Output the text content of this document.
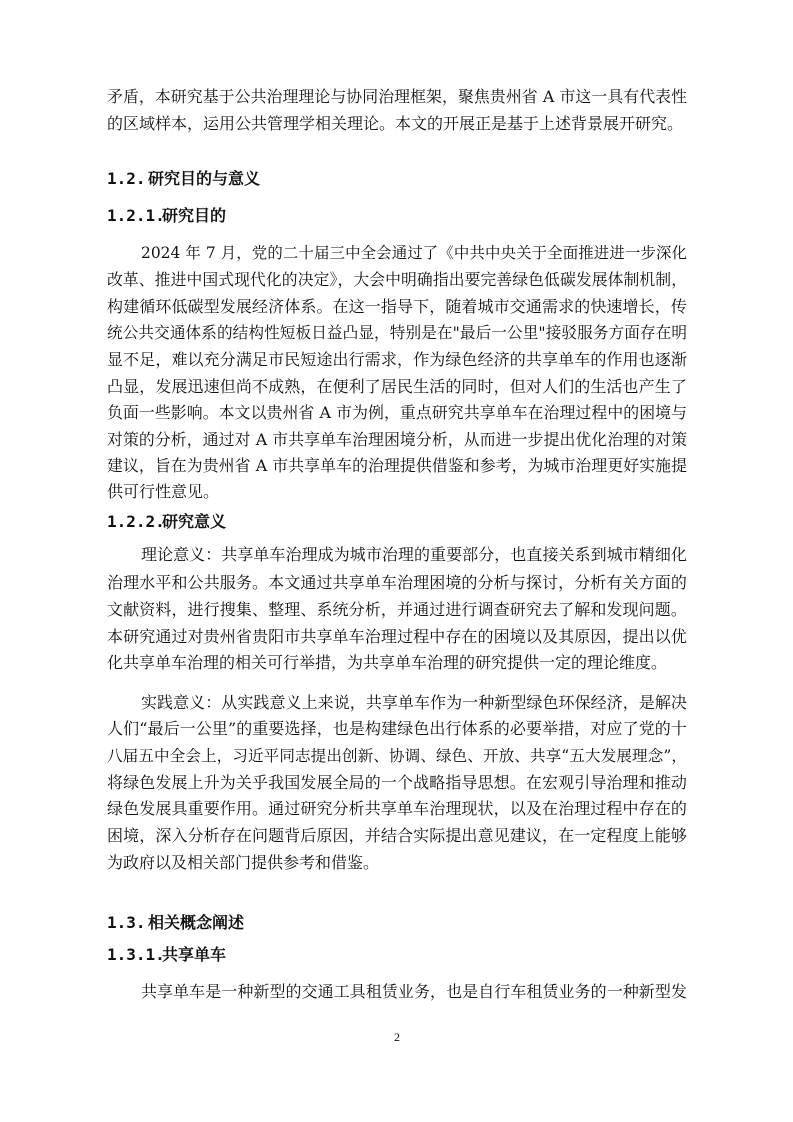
矛盾，本研究基于公共治理理论与协同治理框架，聚焦贵州省 A 市这一具有代表性
的区域样本，运用公共管理学相关理论。本文的开展正是基于上述背景展开研究。
1.2. 研究目的与意义
1.2.1.研究目的
2024 年 7 月，党的二十届三中全会通过了《中共中央关于全面推进进一步深化
改革、推进中国式现代化的决定》，大会中明确指出要完善绿色低碳发展体制机制，
构建循环低碳型发展经济体系。在这一指导下，随着城市交通需求的快速增长，传
统公共交通体系的结构性短板日益凸显，特别是在"最后一公里"接驳服务方面存在明
显不足，难以充分满足市民短途出行需求，作为绿色经济的共享单车的作用也逐渐
凸显，发展迅速但尚不成熟，在便利了居民生活的同时，但对人们的生活也产生了
负面一些影响。本文以贵州省 A 市为例，重点研究共享单车在治理过程中的困境与
对策的分析，通过对 A 市共享单车治理困境分析，从而进一步提出优化治理的对策
建议，旨在为贵州省 A 市共享单车的治理提供借鉴和参考，为城市治理更好实施提
供可行性意见。
1.2.2.研究意义
理论意义：共享单车治理成为城市治理的重要部分，也直接关系到城市精细化
治理水平和公共服务。本文通过共享单车治理困境的分析与探讨，分析有关方面的
文献资料，进行搜集、整理、系统分析，并通过进行调查研究去了解和发现问题。
本研究通过对贵州省贵阳市共享单车治理过程中存在的困境以及其原因，提出以优
化共享单车治理的相关可行举措，为共享单车治理的研究提供一定的理论维度。
实践意义：从实践意义上来说，共享单车作为一种新型绿色环保经济，是解决
人们“最后一公里”的重要选择，也是构建绿色出行体系的必要举措，对应了党的十
八届五中全会上，习近平同志提出创新、协调、绿色、开放、共享“五大发展理念”，
将绿色发展上升为关乎我国发展全局的一个战略指导思想。在宏观引导治理和推动
绿色发展具重要作用。通过研究分析共享单车治理现状，以及在治理过程中存在的
困境，深入分析存在问题背后原因，并结合实际提出意见建议，在一定程度上能够
为政府以及相关部门提供参考和借鉴。
1.3. 相关概念阐述
1.3.1.共享单车
共享单车是一种新型的交通工具租赁业务，也是自行车租赁业务的一种新型发
2
